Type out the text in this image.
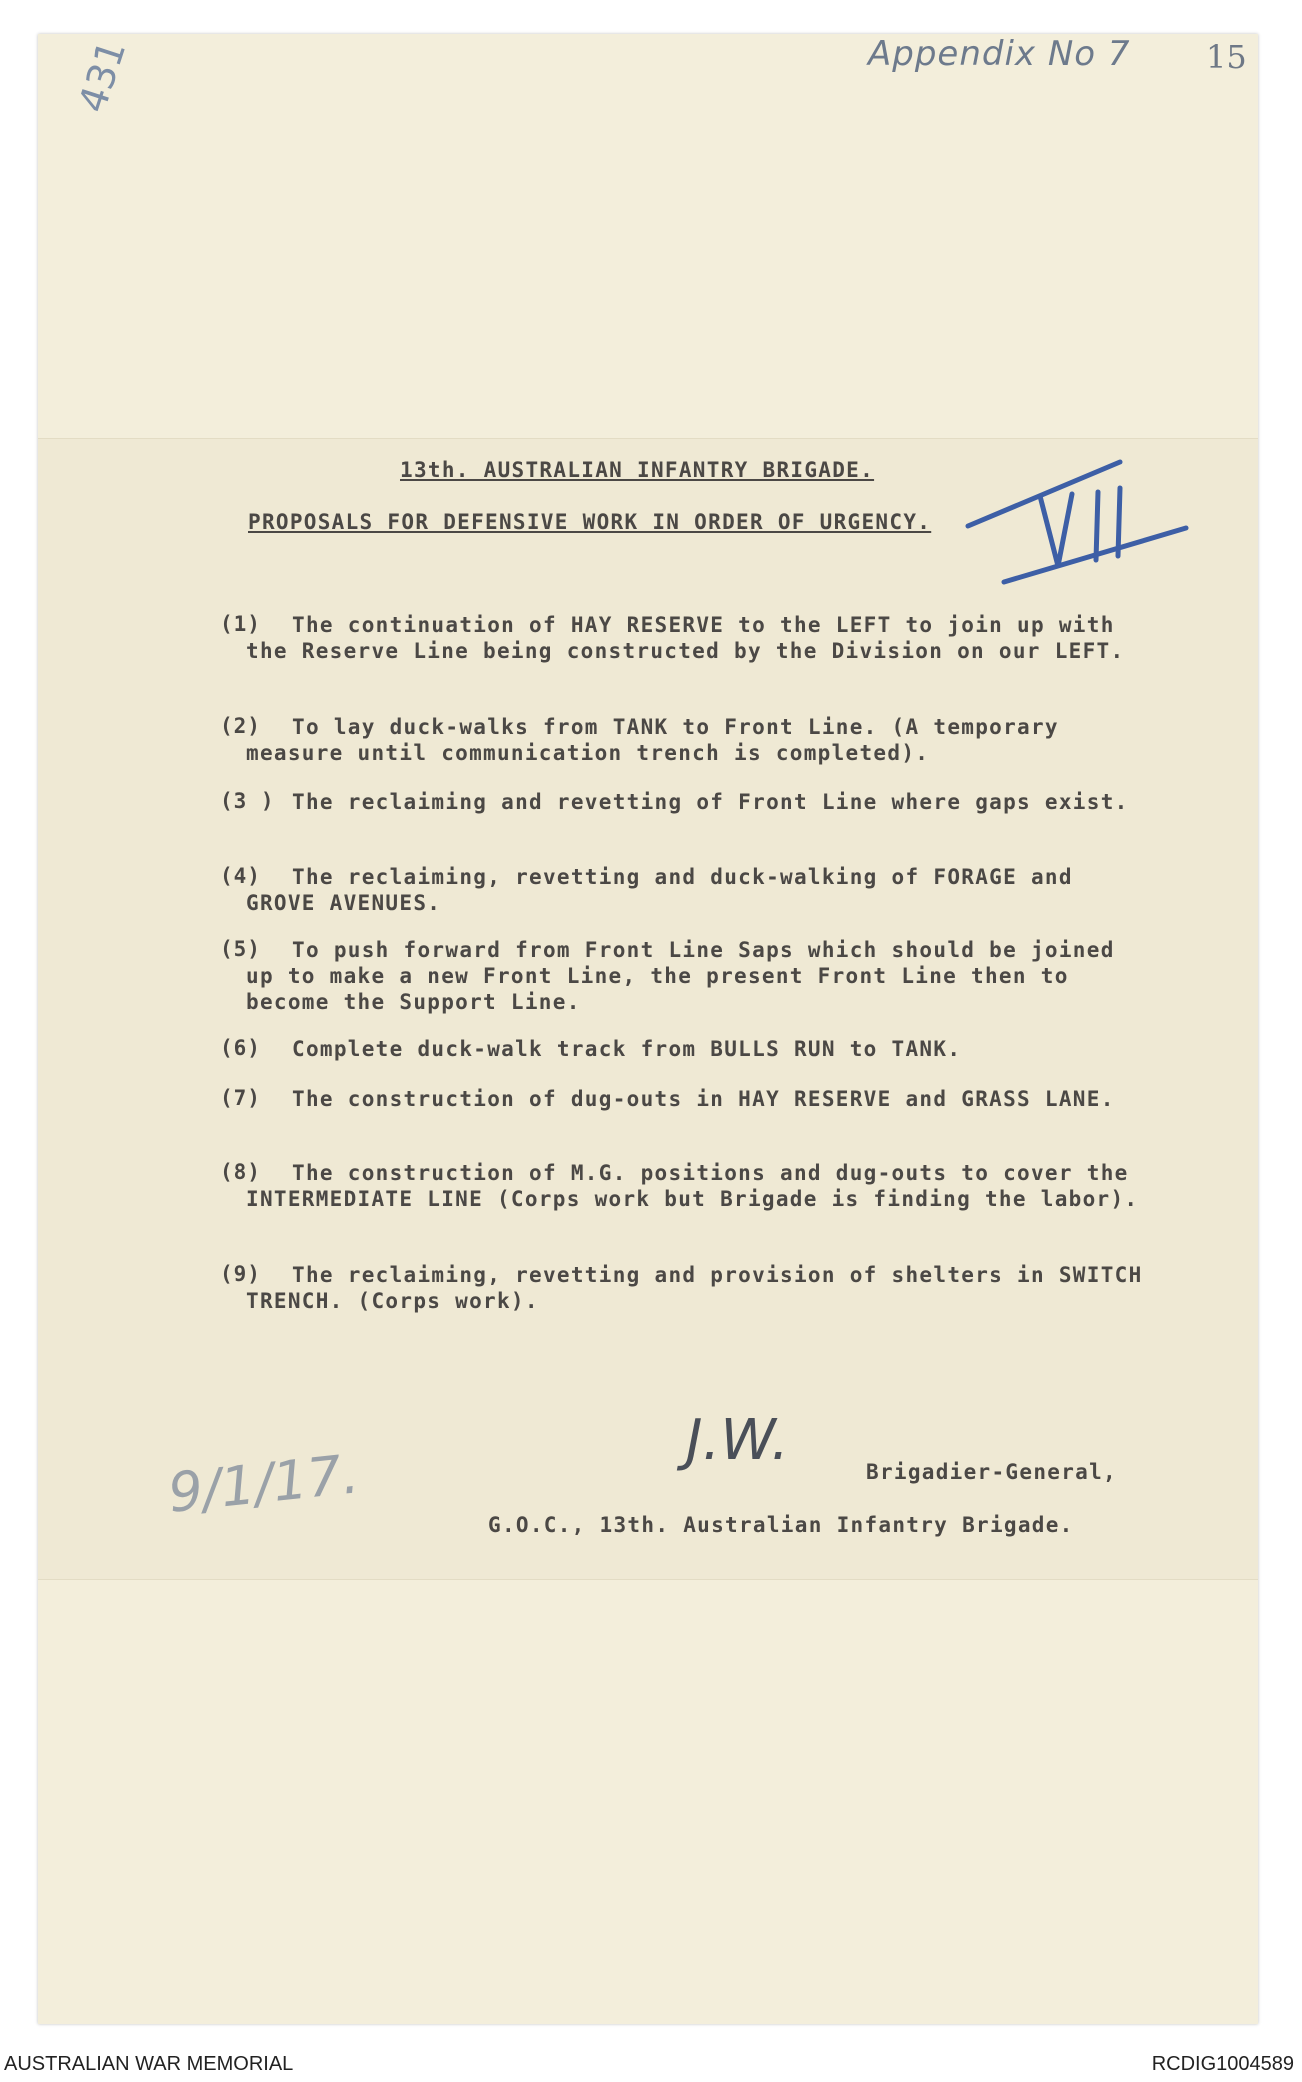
Appendix No 7 15
431
13th. AUSTRALIAN INFANTRY BRIGADE.
PROPOSALS FOR DEFENSIVE WORK IN ORDER OF URGENCY.
(1)	The continuation of HAY RESERVE to the LEFT to join up with the Reserve Line being constructed by the Division on our LEFT.
(2)	To lay duck-walks from TANK to Front Line. (A temporary measure until communication trench is completed).
(3 ) The reclaiming and revetting of Front Line where gaps exist.
(4)	The reclaiming, revetting and duck-walking of FORAGE and GROVE AVENUES.
(5)	To push forward from Front Line Saps which should be joined up to make a new Front Line, the present Front Line then to become the Support Line.
(6)	Complete duck-walk track from BULLS RUN to TANK.
(7)	The construction of dug-outs in HAY RESERVE and GRASS LANE.
(8)	The construction of M.G. positions and dug-outs to cover the INTERMEDIATE LINE (Corps work but Brigade is finding the labor).
(9)	The reclaiming, revetting and provision of shelters in SWITCH TRENCH. (Corps work).
J.W.
9/1/17.	Brigadier-General,
G.O.C., 13th. Australian Infantry Brigade.
AUSTRALIAN WAR MEMORIAL	RCDIG1004589
